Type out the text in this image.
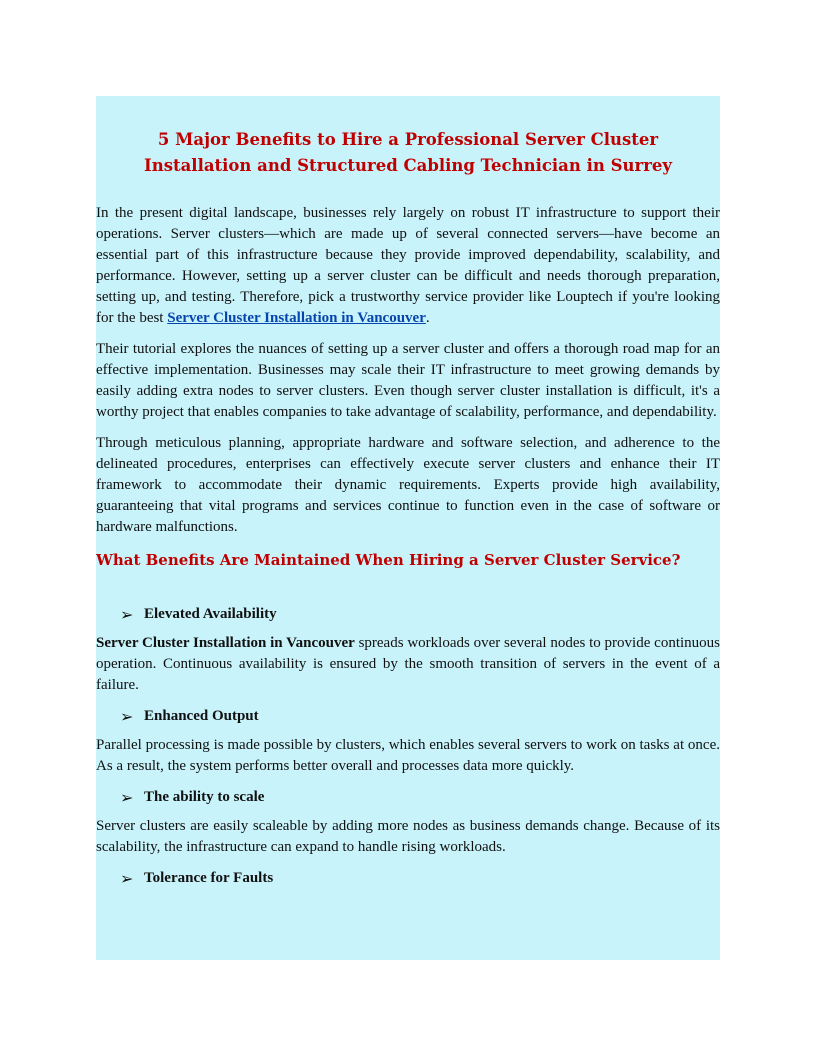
5 Major Benefits to Hire a Professional Server Cluster Installation and Structured Cabling Technician in Surrey

In the present digital landscape, businesses rely largely on robust IT infrastructure to support their operations. Server clusters—which are made up of several connected servers—have become an essential part of this infrastructure because they provide improved dependability, scalability, and performance. However, setting up a server cluster can be difficult and needs thorough preparation, setting up, and testing. Therefore, pick a trustworthy service provider like Louptech if you're looking for the best Server Cluster Installation in Vancouver.

Their tutorial explores the nuances of setting up a server cluster and offers a thorough road map for an effective implementation. Businesses may scale their IT infrastructure to meet growing demands by easily adding extra nodes to server clusters. Even though server cluster installation is difficult, it's a worthy project that enables companies to take advantage of scalability, performance, and dependability.

Through meticulous planning, appropriate hardware and software selection, and adherence to the delineated procedures, enterprises can effectively execute server clusters and enhance their IT framework to accommodate their dynamic requirements. Experts provide high availability, guaranteeing that vital programs and services continue to function even in the case of software or hardware malfunctions.

What Benefits Are Maintained When Hiring a Server Cluster Service?
➢ Elevated Availability

Server Cluster Installation in Vancouver spreads workloads over several nodes to provide continuous operation. Continuous availability is ensured by the smooth transition of servers in the event of a failure.

➢ Enhanced Output

Parallel processing is made possible by clusters, which enables several servers to work on tasks at once. As a result, the system performs better overall and processes data more quickly.

➢ The ability to scale

Server clusters are easily scaleable by adding more nodes as business demands change. Because of its scalability, the infrastructure can expand to handle rising workloads.

➢ Tolerance for Faults
